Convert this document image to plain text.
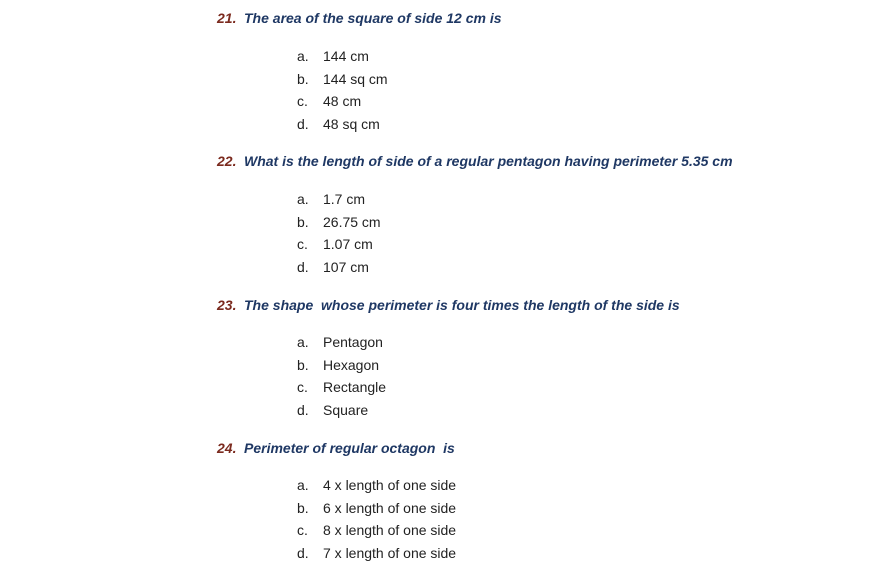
21. The area of the square of side 12 cm is
a. 144 cm
b. 144 sq cm
c. 48 cm
d. 48 sq cm
22. What is the length of side of a regular pentagon having perimeter 5.35 cm
a. 1.7 cm
b. 26.75 cm
c. 1.07 cm
d. 107 cm
23. The shape  whose perimeter is four times the length of the side is
a. Pentagon
b. Hexagon
c. Rectangle
d. Square
24. Perimeter of regular octagon  is
a. 4 x length of one side
b. 6 x length of one side
c. 8 x length of one side
d. 7 x length of one side
